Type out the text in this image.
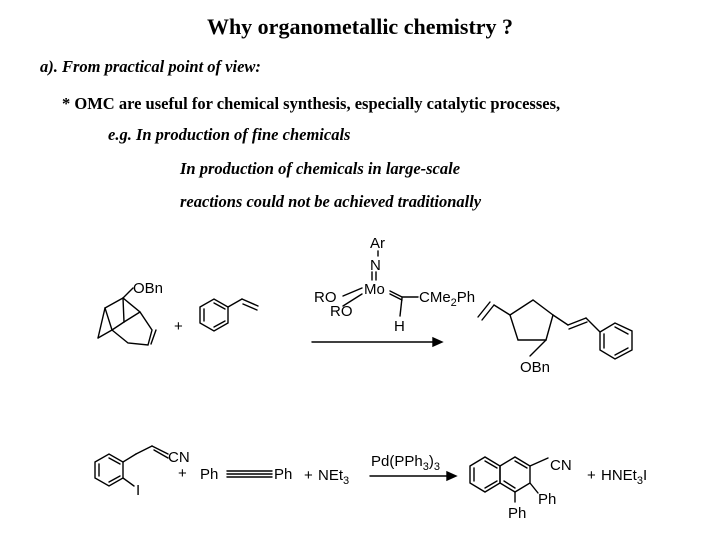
Why organometallic chemistry ?
a). From practical point of view:
* OMC are useful for chemical synthesis, especially catalytic processes,
e.g. In production of fine chemicals
In production of chemicals in large-scale
reactions could not be achieved traditionally
OBn
+
Ar
N
Mo
RO
RO
CMe$_2$Ph
H
OBn
CN
I
+ Ph	Ph + NEt$_3$
$Pd(PPh_3)_3$	CN
Ph
Ph
+ HNEt$_3$I
